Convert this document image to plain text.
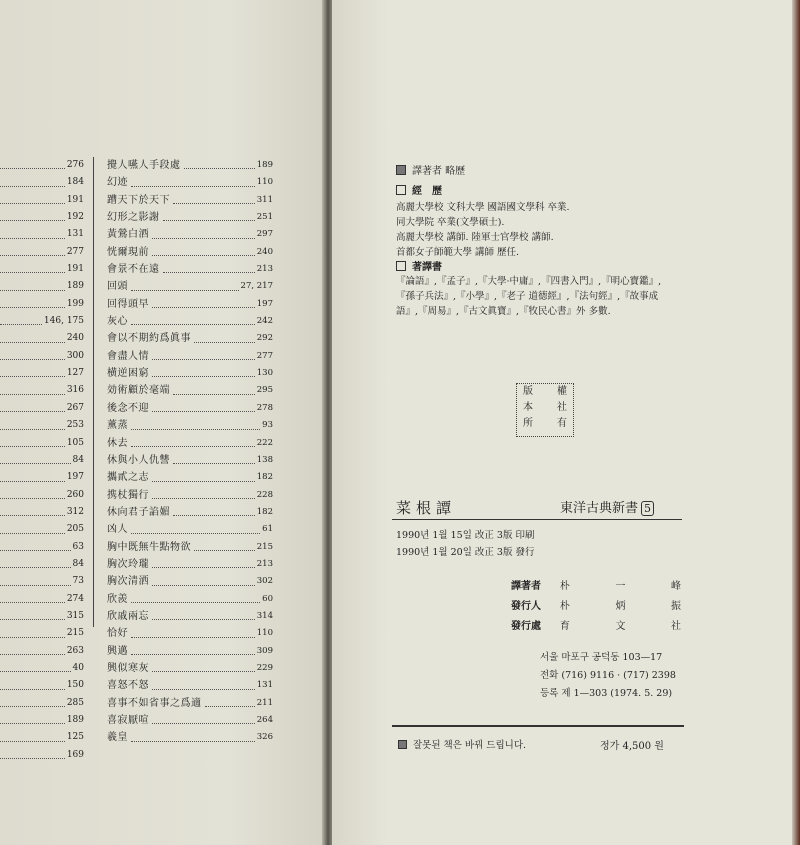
276
184
191
192
131
277
191
189
199
146, 175
240
300
127
316
267
253
105
84
197
260
312
205
63
84
73
274
315
215
263
40
150
285
189
125
169
攪人嚥人手段處	189
幻迹	110
蹧天下於天下	311
幻形之影謝	251
黃鶯白酒	297
恍爾現前	240
會景不在遠	213
回頭	27, 217
回得頭早	197
灰心	242
會以不期約爲眞事	292
會盡人情	277
横逆困窮	130
効術顧於毫端	295
後念不迎	278
薰蒸	93
休去	222
休與小人仇讐	138
攜貳之志	182
携杖獨行	228
休向君子諂媚	182
凶人	61
胸中既無牛點物欲	215
胸次玲瓏	213
胸次清洒	302
欣羨	60
欣戚兩忘	314
恰好	110
興邁	309
興似寒灰	229
喜怒不怒	131
喜事不如省事之爲適	211
喜寂厭喧	264
羲皇	326
譯著者 略歷
經　歷
高麗大學校 文科大學 國語國文學科 卒業.
同大學院 卒業(文學碩士).
高麗大學校 講師. 陸軍士官學校 講師.
首都女子師範大學 講師 歷任.
著譯書
『論語』,『孟子』,『大學·中庸』,『四書入門』,『明心寶鑑』,
『孫子兵法』,『小學』,『老子 道德經』,『法句經』,『故事成
語』,『周易』,『古文眞寶』,『牧民心書』外 多數.
版 權
本 社
所 有
菜根譚	東洋古典新書 5
1990년 1월 15일 改正 3版 印刷
1990년 1월 20일 改正 3版 發行
譯著者	朴	一	峰
發行人	朴	炳	振
發行處	育	文	社
서울 마포구 공덕동 103—17
전화 (716) 9116 · (717) 2398
등록 제 1—303 (1974. 5. 29)
잘못된 책은 바꿔 드립니다.	정가 4,500 원
